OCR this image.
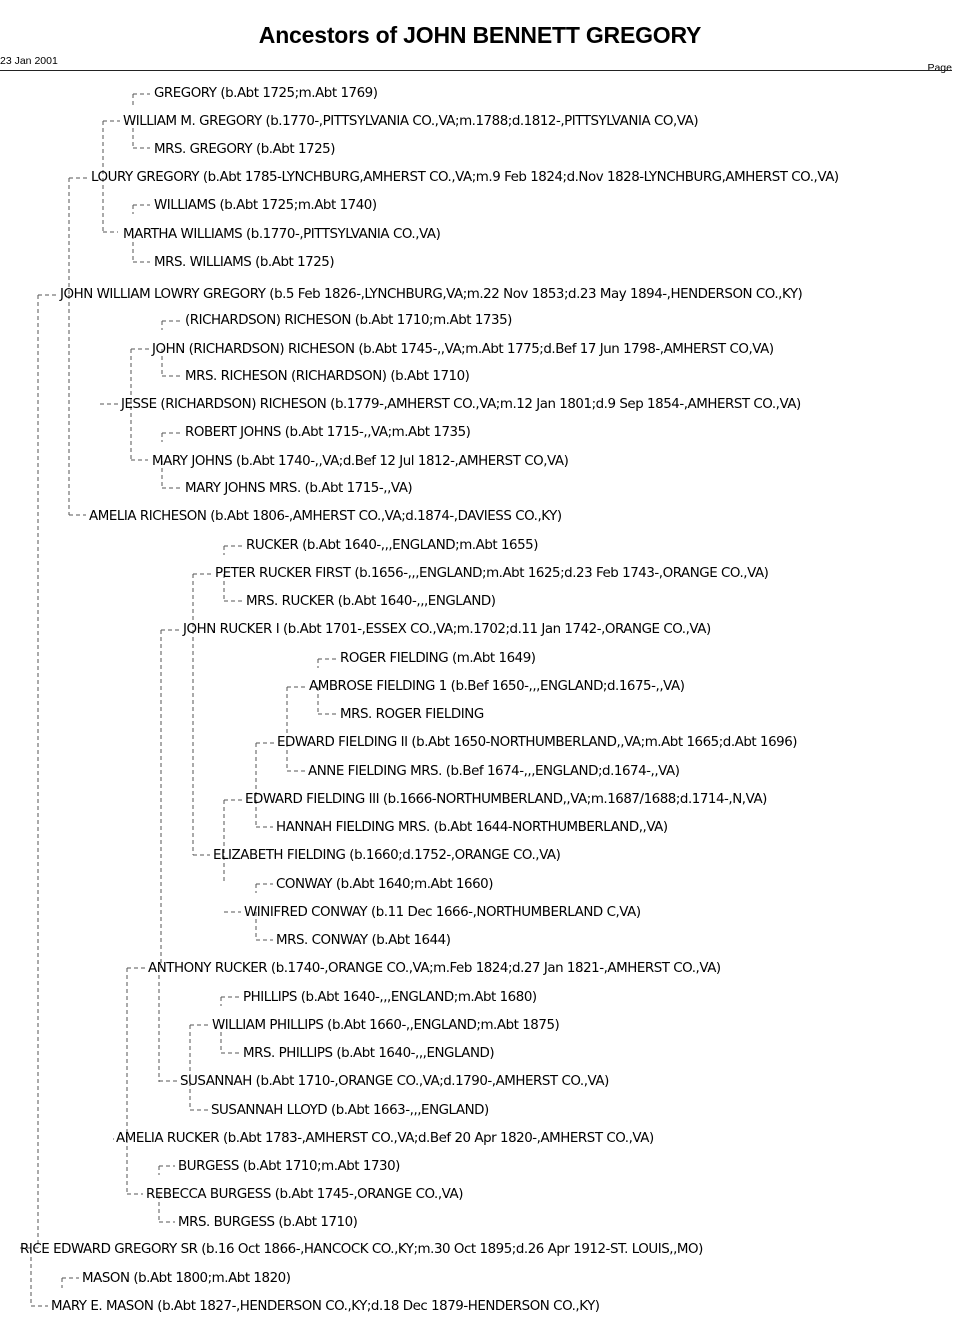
Ancestors of JOHN BENNETT GREGORY
23 Jan 2001
Page
GREGORY (b.Abt 1725;m.Abt 1769)
WILLIAM M. GREGORY (b.1770-,PITTSYLVANIA CO.,VA;m.1788;d.1812-,PITTSYLVANIA CO,VA)
MRS. GREGORY (b.Abt 1725)
LOURY GREGORY (b.Abt 1785-LYNCHBURG,AMHERST CO.,VA;m.9 Feb 1824;d.Nov 1828-LYNCHBURG,AMHERST CO.,VA)
WILLIAMS (b.Abt 1725;m.Abt 1740)
MARTHA WILLIAMS (b.1770-,PITTSYLVANIA CO.,VA)
MRS. WILLIAMS (b.Abt 1725)
JOHN WILLIAM LOWRY GREGORY (b.5 Feb 1826-,LYNCHBURG,VA;m.22 Nov 1853;d.23 May 1894-,HENDERSON CO.,KY)
(RICHARDSON) RICHESON (b.Abt 1710;m.Abt 1735)
JOHN (RICHARDSON) RICHESON (b.Abt 1745-,,VA;m.Abt 1775;d.Bef 17 Jun 1798-,AMHERST CO,VA)
MRS. RICHESON (RICHARDSON) (b.Abt 1710)
JESSE (RICHARDSON) RICHESON (b.1779-,AMHERST CO.,VA;m.12 Jan 1801;d.9 Sep 1854-,AMHERST CO.,VA)
ROBERT JOHNS (b.Abt 1715-,,VA;m.Abt 1735)
MARY JOHNS (b.Abt 1740-,,VA;d.Bef 12 Jul 1812-,AMHERST CO,VA)
MARY JOHNS MRS. (b.Abt 1715-,,VA)
AMELIA RICHESON (b.Abt 1806-,AMHERST CO.,VA;d.1874-,DAVIESS CO.,KY)
RUCKER (b.Abt 1640-,,,ENGLAND;m.Abt 1655)
PETER RUCKER FIRST (b.1656-,,,ENGLAND;m.Abt 1625;d.23 Feb 1743-,ORANGE CO.,VA)
MRS. RUCKER (b.Abt 1640-,,,ENGLAND)
JOHN RUCKER I (b.Abt 1701-,ESSEX CO.,VA;m.1702;d.11 Jan 1742-,ORANGE CO.,VA)
ROGER FIELDING (m.Abt 1649)
AMBROSE FIELDING 1 (b.Bef 1650-,,,ENGLAND;d.1675-,,VA)
MRS. ROGER FIELDING
EDWARD FIELDING II (b.Abt 1650-NORTHUMBERLAND,,VA;m.Abt 1665;d.Abt 1696)
ANNE FIELDING MRS. (b.Bef 1674-,,,ENGLAND;d.1674-,,VA)
EDWARD FIELDING III (b.1666-NORTHUMBERLAND,,VA;m.1687/1688;d.1714-,N,VA)
HANNAH FIELDING MRS. (b.Abt 1644-NORTHUMBERLAND,,VA)
ELIZABETH FIELDING (b.1660;d.1752-,ORANGE CO.,VA)
CONWAY (b.Abt 1640;m.Abt 1660)
WINIFRED CONWAY (b.11 Dec 1666-,NORTHUMBERLAND C,VA)
MRS. CONWAY (b.Abt 1644)
ANTHONY RUCKER (b.1740-,ORANGE CO.,VA;m.Feb 1824;d.27 Jan 1821-,AMHERST CO.,VA)
PHILLIPS (b.Abt 1640-,,,ENGLAND;m.Abt 1680)
WILLIAM PHILLIPS (b.Abt 1660-,,ENGLAND;m.Abt 1875)
MRS. PHILLIPS (b.Abt 1640-,,,ENGLAND)
SUSANNAH (b.Abt 1710-,ORANGE CO.,VA;d.1790-,AMHERST CO.,VA)
SUSANNAH LLOYD (b.Abt 1663-,,,ENGLAND)
AMELIA RUCKER (b.Abt 1783-,AMHERST CO.,VA;d.Bef 20 Apr 1820-,AMHERST CO.,VA)
BURGESS (b.Abt 1710;m.Abt 1730)
REBECCA BURGESS (b.Abt 1745-,ORANGE CO.,VA)
MRS. BURGESS (b.Abt 1710)
RICE EDWARD GREGORY SR (b.16 Oct 1866-,HANCOCK CO.,KY;m.30 Oct 1895;d.26 Apr 1912-ST. LOUIS,,MO)
MASON (b.Abt 1800;m.Abt 1820)
MARY E. MASON (b.Abt 1827-,HENDERSON CO.,KY;d.18 Dec 1879-HENDERSON CO.,KY)
